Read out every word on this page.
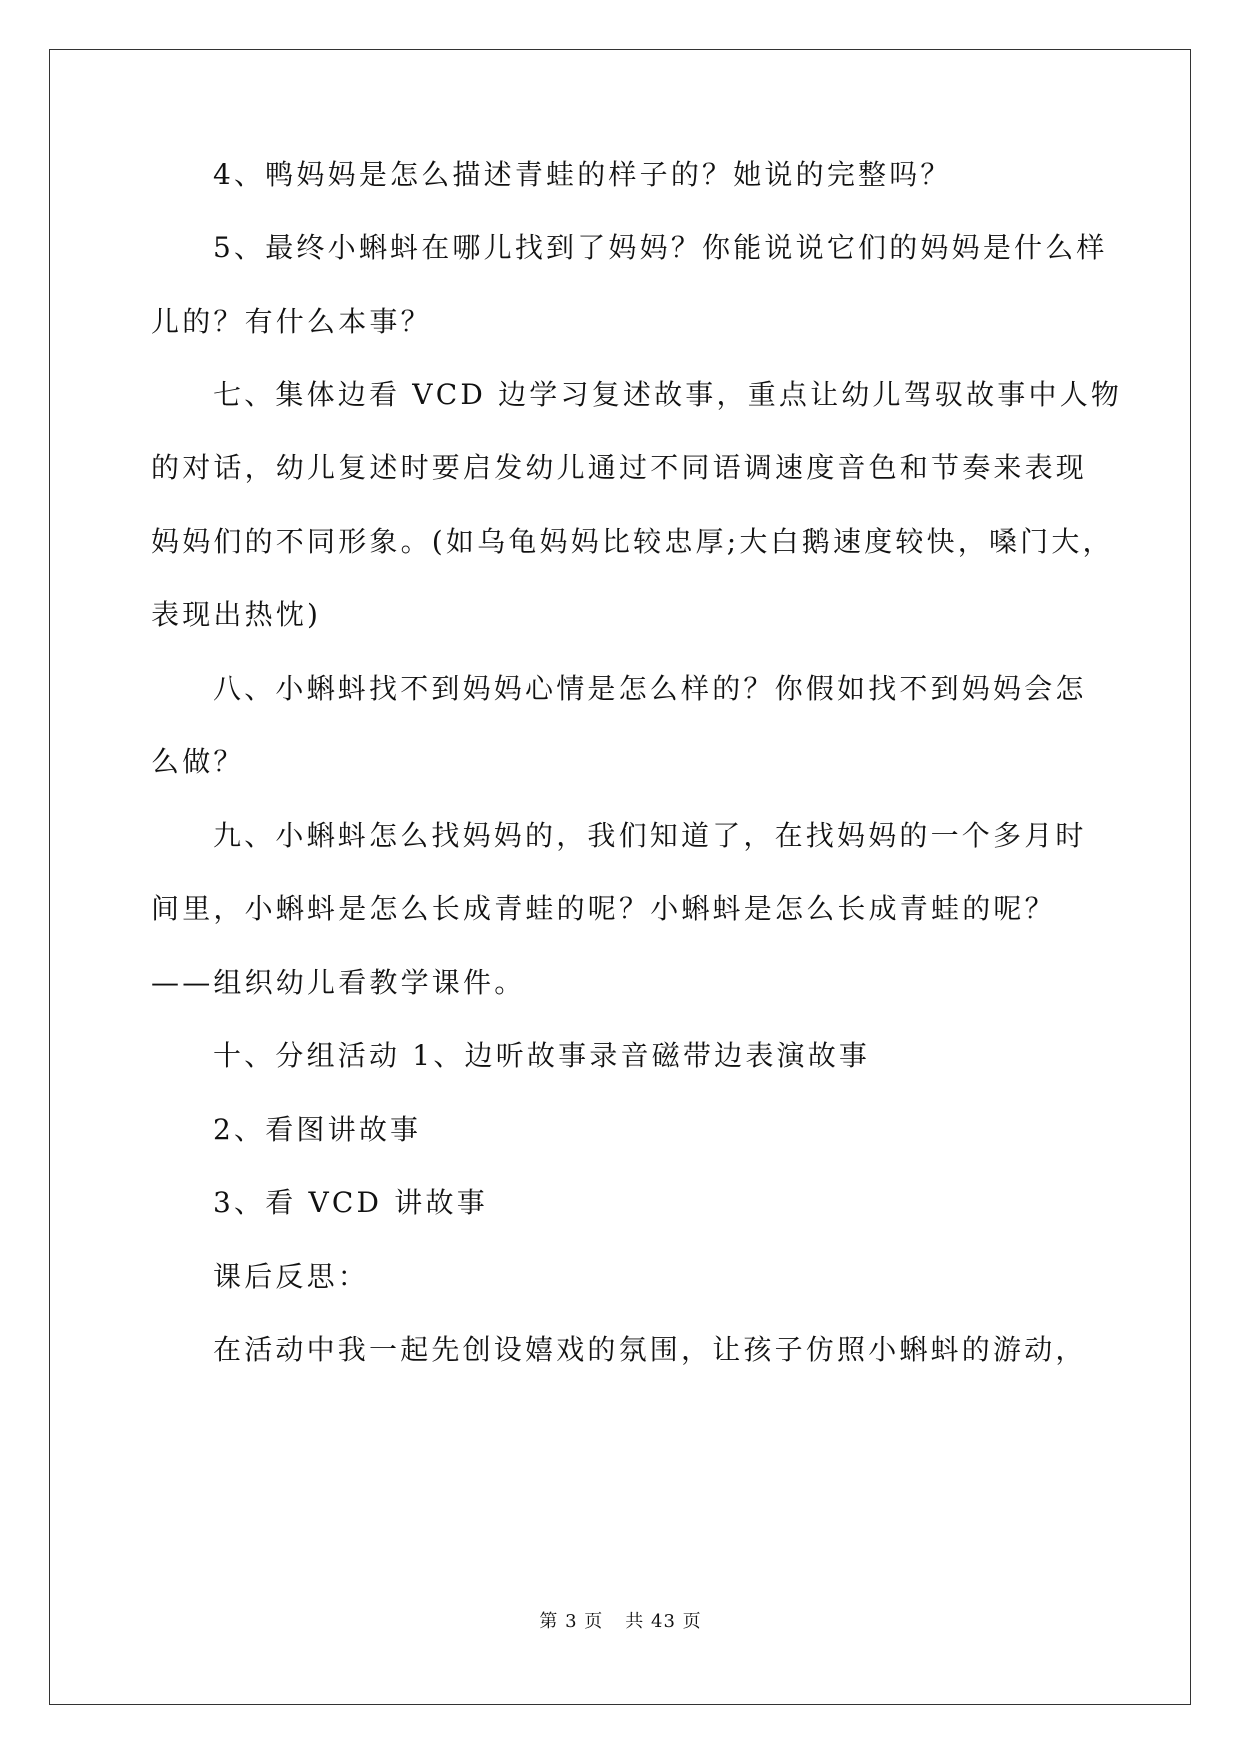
4、鸭妈妈是怎么描述青蛙的样子的？她说的完整吗？
5、最终小蝌蚪在哪儿找到了妈妈？你能说说它们的妈妈是什么样
儿的？有什么本事？
七、集体边看 VCD 边学习复述故事，重点让幼儿驾驭故事中人物
的对话，幼儿复述时要启发幼儿通过不同语调速度音色和节奏来表现
妈妈们的不同形象。(如乌龟妈妈比较忠厚;大白鹅速度较快，嗓门大，
表现出热忱)
八、小蝌蚪找不到妈妈心情是怎么样的？你假如找不到妈妈会怎
么做？
九、小蝌蚪怎么找妈妈的，我们知道了，在找妈妈的一个多月时
间里，小蝌蚪是怎么长成青蛙的呢？小蝌蚪是怎么长成青蛙的呢？
——组织幼儿看教学课件。
十、分组活动 1、边听故事录音磁带边表演故事
2、看图讲故事
3、看 VCD 讲故事
课后反思：
在活动中我一起先创设嬉戏的氛围，让孩子仿照小蝌蚪的游动，
第 3 页 共 43 页
